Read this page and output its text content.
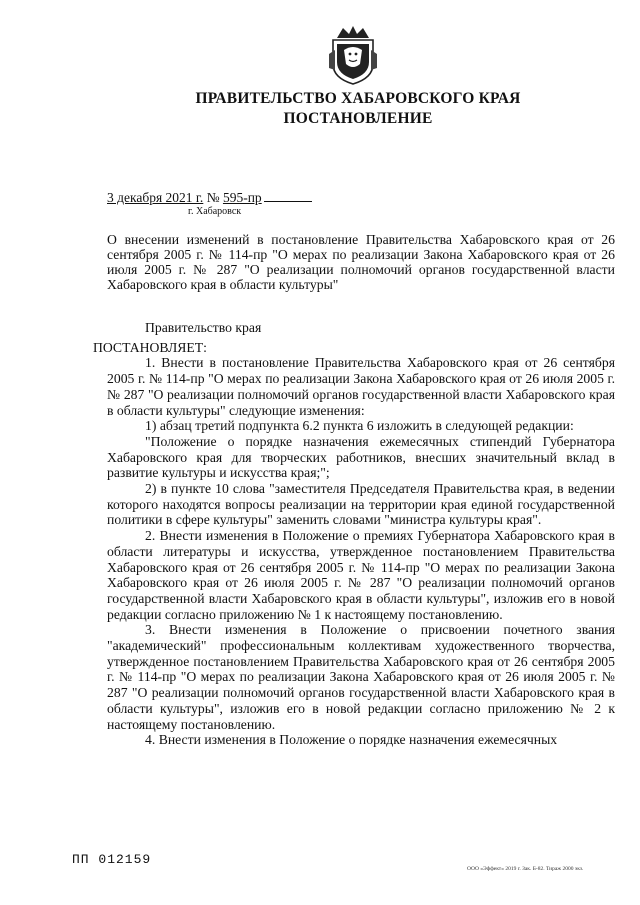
ПРАВИТЕЛЬСТВО ХАБАРОВСКОГО КРАЯ
ПОСТАНОВЛЕНИЕ
3 декабря 2021 г. № 595-пр
г. Хабаровск
О внесении изменений в постановление Правительства Хабаровского края от 26 сентября 2005 г. № 114-пр "О мерах по реализации Закона Хабаровского края от 26 июля 2005 г. № 287 "О реализации полномочий органов государственной власти Хабаровского края в области культуры"

Правительство края

ПОСТАНОВЛЯЕТ:

1. Внести в постановление Правительства Хабаровского края от 26 сентября 2005 г. № 114-пр "О мерах по реализации Закона Хабаровского края от 26 июля 2005 г. № 287 "О реализации полномочий органов государственной власти Хабаровского края в области культуры" следующие изменения:

1) абзац третий подпункта 6.2 пункта 6 изложить в следующей редакции:

"Положение о порядке назначения ежемесячных стипендий Губернатора Хабаровского края для творческих работников, внесших значительный вклад в развитие культуры и искусства края;";

2) в пункте 10 слова "заместителя Председателя Правительства края, в ведении которого находятся вопросы реализации на территории края единой государственной политики в сфере культуры" заменить словами "министра культуры края".

2. Внести изменения в Положение о премиях Губернатора Хабаровского края в области литературы и искусства, утвержденное постановлением Правительства Хабаровского края от 26 сентября 2005 г. № 114-пр "О мерах по реализации Закона Хабаровского края от 26 июля 2005 г. № 287 "О реализации полномочий органов государственной власти Хабаровского края в области культуры", изложив его в новой редакции согласно приложению № 1 к настоящему постановлению.

3. Внести изменения в Положение о присвоении почетного звания "академический" профессиональным коллективам художественного творчества, утвержденное постановлением Правительства Хабаровского края от 26 сентября 2005 г. № 114-пр "О мерах по реализации Закона Хабаровского края от 26 июля 2005 г. № 287 "О реализации полномочий органов государственной власти Хабаровского края в области культуры", изложив его в новой редакции согласно приложению № 2 к настоящему постановлению.

4. Внести изменения в Положение о порядке назначения ежемесячных

ПП 012159
ООО «Эффект» 2019 г. Зак. Б-82. Тираж 2000 экз.
